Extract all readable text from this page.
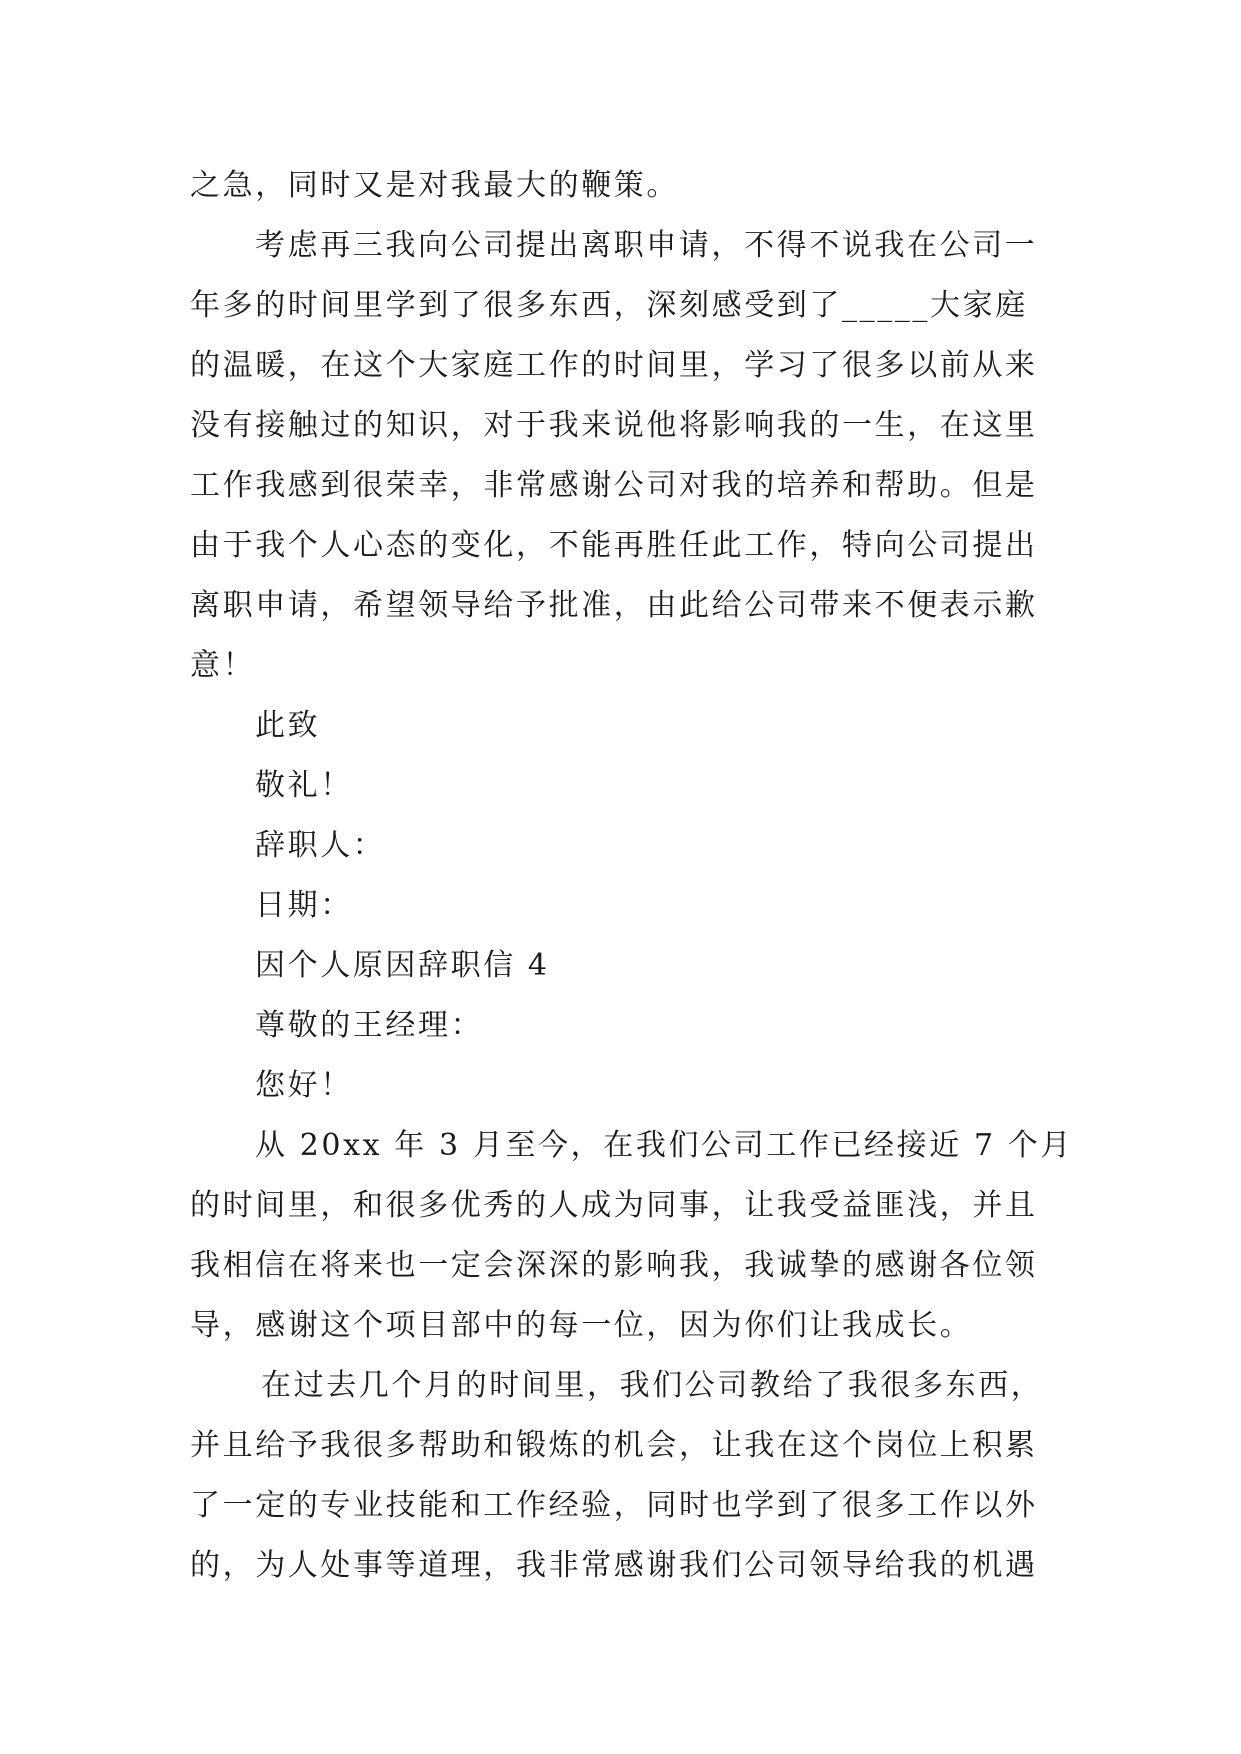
之急，同时又是对我最大的鞭策。
考虑再三我向公司提出离职申请，不得不说我在公司一
年多的时间里学到了很多东西，深刻感受到了_____大家庭
的温暖，在这个大家庭工作的时间里，学习了很多以前从来
没有接触过的知识，对于我来说他将影响我的一生，在这里
工作我感到很荣幸，非常感谢公司对我的培养和帮助。但是
由于我个人心态的变化，不能再胜任此工作，特向公司提出
离职申请，希望领导给予批准，由此给公司带来不便表示歉
意！
此致
敬礼！
辞职人：
日期：
因个人原因辞职信 4
尊敬的王经理：
您好！
从 20xx 年 3 月至今，在我们公司工作已经接近 7 个月
的时间里，和很多优秀的人成为同事，让我受益匪浅，并且
我相信在将来也一定会深深的影响我，我诚挚的感谢各位领
导，感谢这个项目部中的每一位，因为你们让我成长。
在过去几个月的时间里，我们公司教给了我很多东西，
并且给予我很多帮助和锻炼的机会，让我在这个岗位上积累
了一定的专业技能和工作经验，同时也学到了很多工作以外
的，为人处事等道理，我非常感谢我们公司领导给我的机遇
